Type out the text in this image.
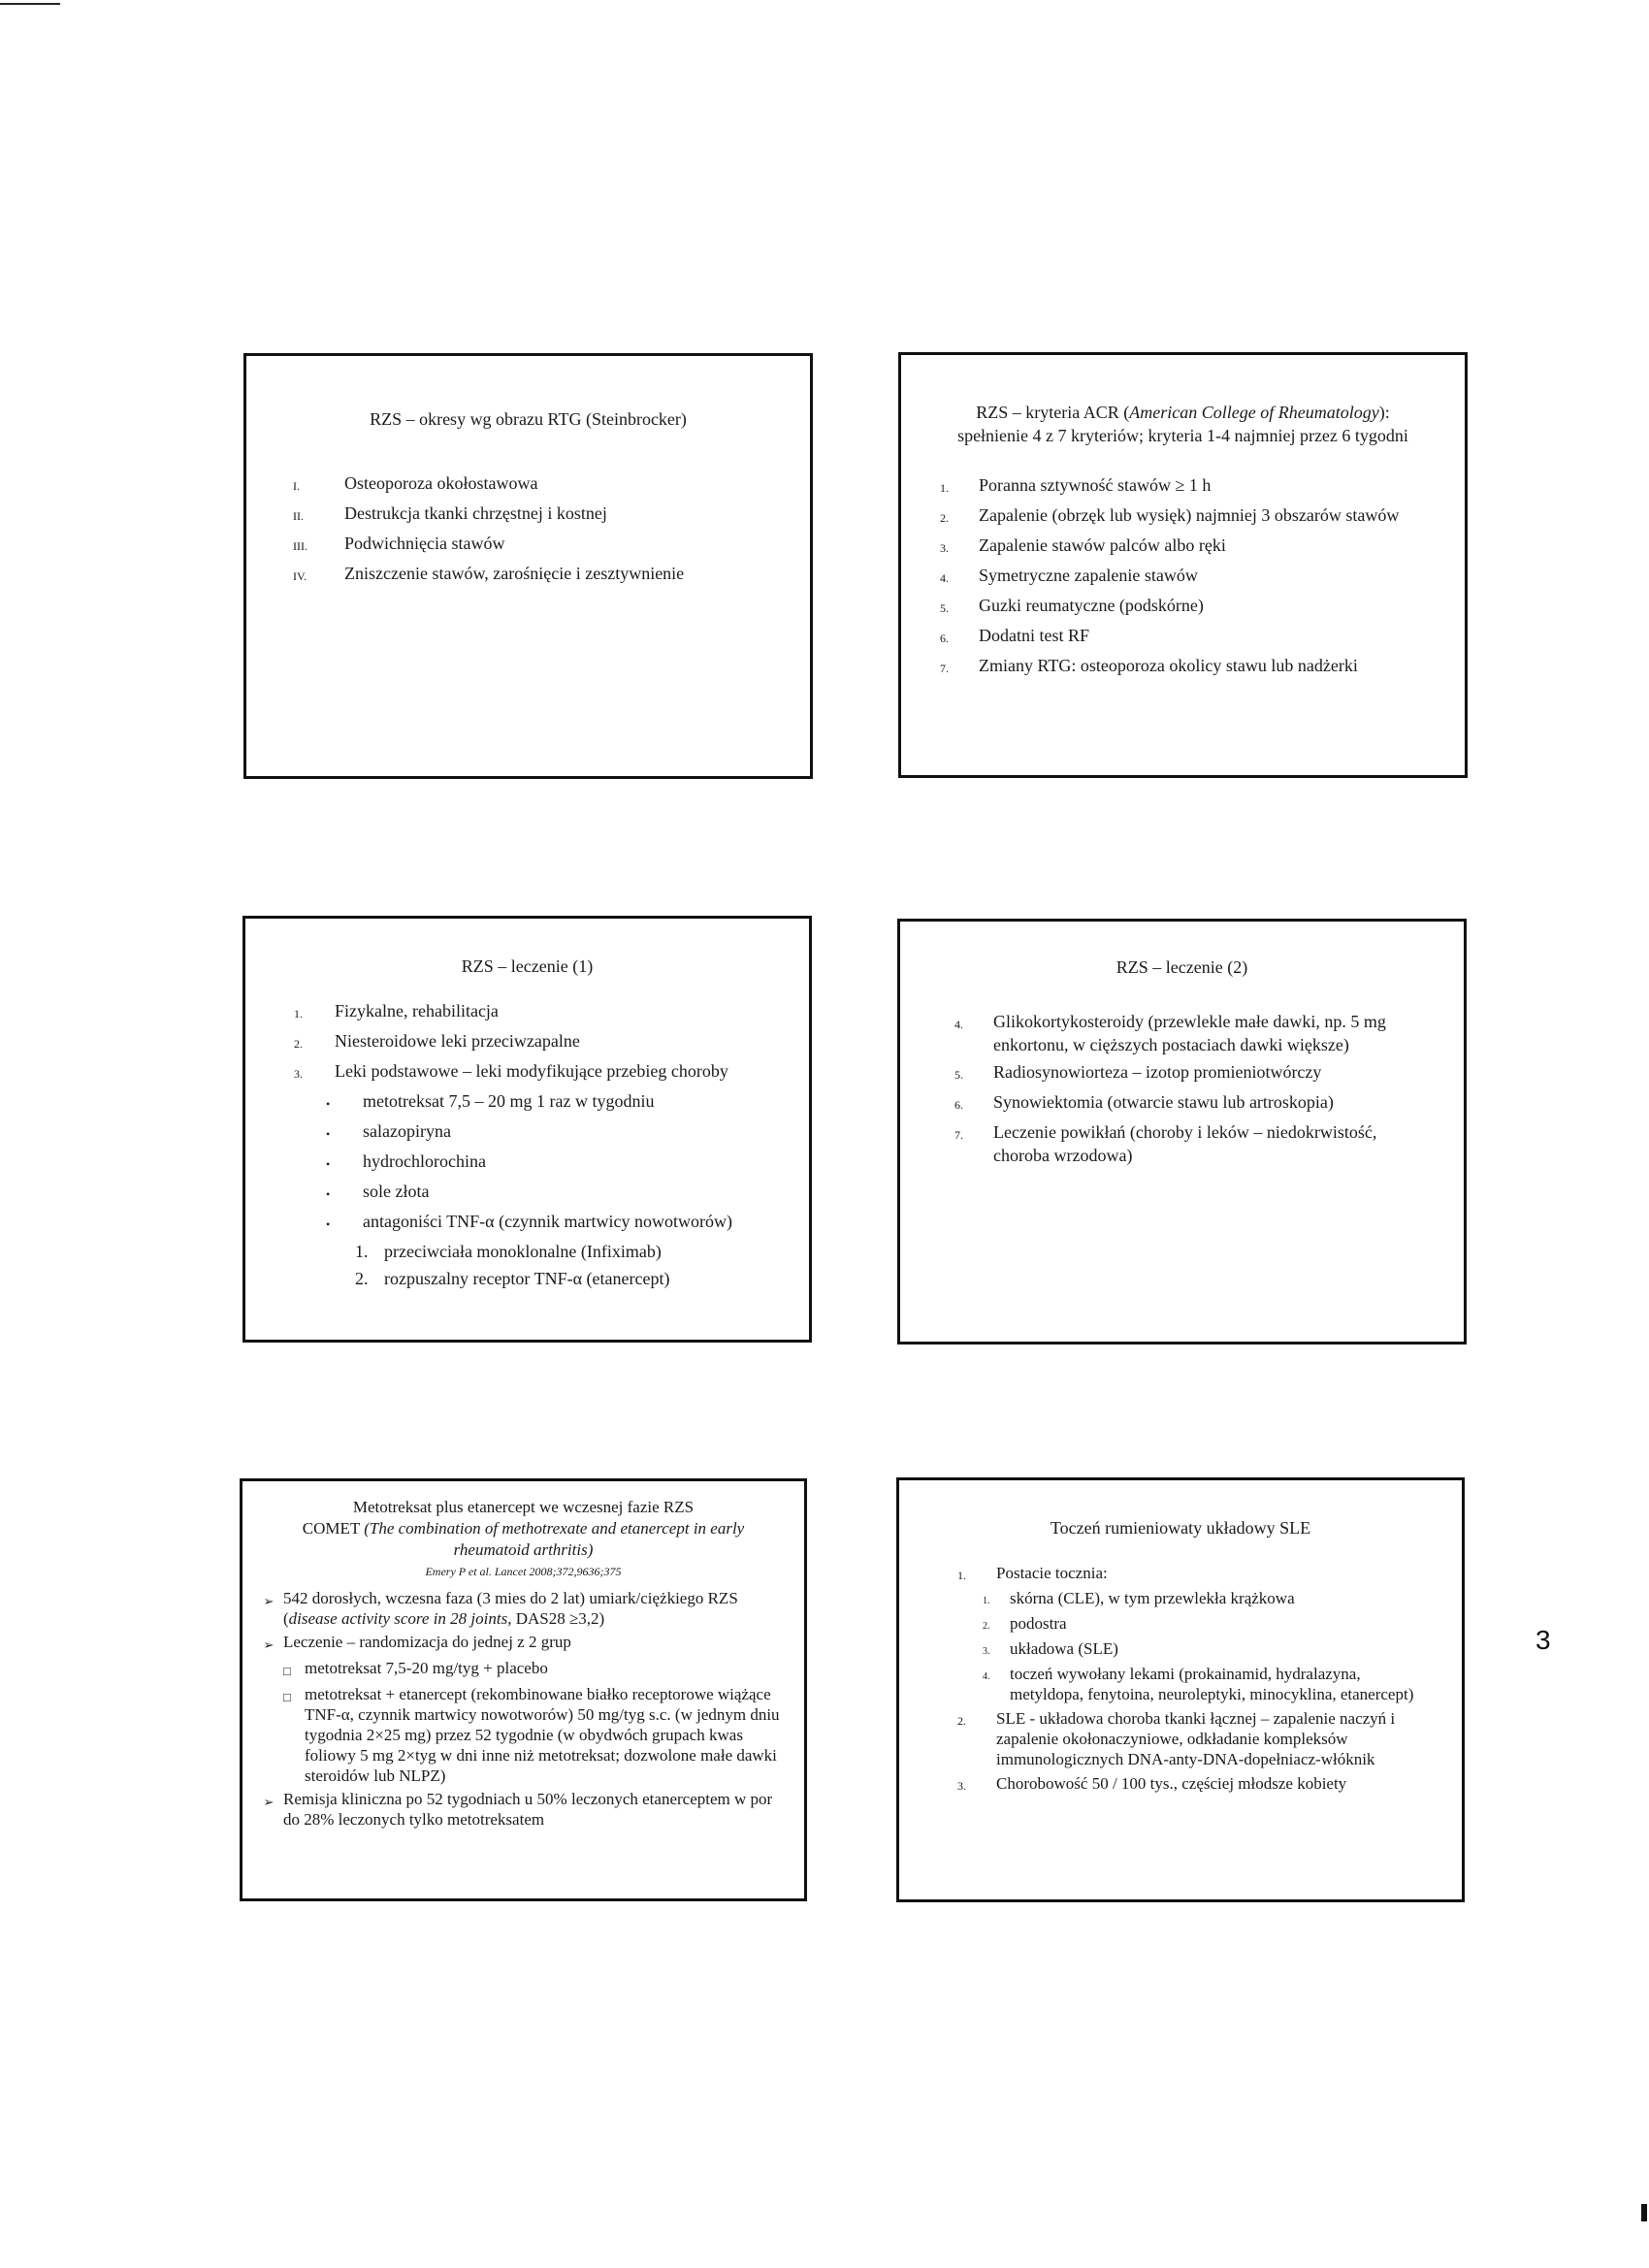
RZS – okresy wg obrazu RTG (Steinbrocker)
I.	Osteoporoza okołostawowa
II.	Destrukcja tkanki chrzęstnej i kostnej
III.	Podwichnięcia stawów
IV.	Zniszczenie stawów, zarośnięcie i zesztywnienie
RZS – kryteria ACR (American College of Rheumatology):
spełnienie 4 z 7 kryteriów; kryteria 1-4 najmniej przez 6 tygodni
1.	Poranna sztywność stawów ≥ 1 h
2.	Zapalenie (obrzęk lub wysięk) najmniej 3 obszarów stawów
3.	Zapalenie stawów palców albo ręki
4.	Symetryczne zapalenie stawów
5.	Guzki reumatyczne (podskórne)
6.	Dodatni test RF
7.	Zmiany RTG: osteoporoza okolicy stawu lub nadżerki
RZS – leczenie (1)
1.	Fizykalne, rehabilitacja
2.	Niesteroidowe leki przeciwzapalne
3.	Leki podstawowe – leki modyfikujące przebieg choroby
•	metotreksat 7,5 – 20 mg 1 raz w tygodniu
•	salazopiryna
•	hydrochlorochina
•	sole złota
•	antagoniści TNF-α (czynnik martwicy nowotworów)
1. przeciwciała monoklonalne (Infiximab)
2. rozpuszalny receptor TNF-α (etanercept)
RZS – leczenie (2)
4.	Glikokortykosteroidy (przewlekle małe dawki, np. 5 mg enkortonu, w cięższych postaciach dawki większe)
5.	Radiosynowiorteza – izotop promieniotwórczy
6.	Synowiektomia (otwarcie stawu lub artroskopia)
7.	Leczenie powikłań (choroby i leków – niedokrwistość, choroba wrzodowa)
Metotreksat plus etanercept we wczesnej fazie RZS
COMET (The combination of methotrexate and etanercept in early rheumatoid arthritis)
Emery P et al. Lancet 2008;372,9636;375
➢ 542 dorosłych, wczesna faza (3 mies do 2 lat) umiark/ciężkiego RZS (disease activity score in 28 joints, DAS28 ≥3,2)
➢ Leczenie – randomizacja do jednej z 2 grup
□ metotreksat 7,5-20 mg/tyg + placebo
□ metotreksat + etanercept (rekombinowane białko receptorowe wiążące TNF-α, czynnik martwicy nowotworów) 50 mg/tyg s.c. (w jednym dniu tygodnia 2×25 mg) przez 52 tygodnie (w obydwóch grupach kwas foliowy 5 mg 2×tyg w dni inne niż metotreksat; dozwolone małe dawki steroidów lub NLPZ)
➢ Remisja kliniczna po 52 tygodniach u 50% leczonych etanerceptem w por do 28% leczonych tylko metotreksatem
Toczeń rumieniowaty układowy SLE
1.	Postacie tocznia:
1.	skórna (CLE), w tym przewlekła krążkowa
2.	podostra
3.	układowa (SLE)
4.	toczeń wywołany lekami (prokainamid, hydralazyna, metyldopa, fenytoina, neuroleptyki, minocyklina, etanercept)
2.	SLE - układowa choroba tkanki łącznej – zapalenie naczyń i zapalenie okołonaczyniowe, odkładanie kompleksów immunologicznych DNA-anty-DNA-dopełniacz-włóknik
3.	Chorobowość 50 / 100 tys., częściej młodsze kobiety
3
